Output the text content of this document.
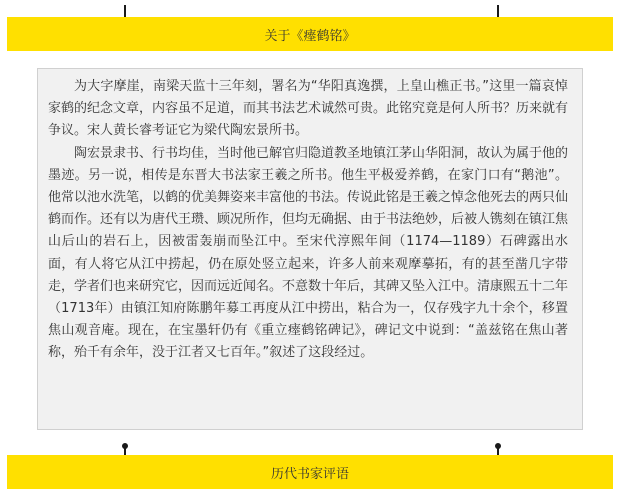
关于《瘗鹤铭》

为大字摩崖，南梁天监十三年刻，署名为“华阳真逸撰，上皇山樵正书。”这里一篇哀悼家鹤的纪念文章，内容虽不足道，而其书法艺术诚然可贵。此铭究竟是何人所书？历来就有争议。宋人黄长睿考证它为梁代陶宏景所书。

陶宏景隶书、行书均佳，当时他已解官归隐道教圣地镇江茅山华阳洞，故认为属于他的墨迹。另一说，相传是东晋大书法家王羲之所书。他生平极爱养鹤，在家门口有“鹅池”。他常以池水洗笔，以鹤的优美舞姿来丰富他的书法。传说此铭是王羲之悼念他死去的两只仙鹤而作。还有以为唐代王瓒、顾况所作，但均无确据、由于书法绝妙，后被人镌刻在镇江焦山后山的岩石上，因被雷轰崩而坠江中。至宋代淳熙年间（1174—1189）石碑露出水面，有人将它从江中捞起，仍在原处竖立起来，许多人前来观摩摹拓，有的甚至凿几字带走，学者们也来研究它，因而远近闻名。不意数十年后，其碑又坠入江中。清康熙五十二年（1713年）由镇江知府陈鹏年募工再度从江中捞出，粘合为一，仅存残字九十余个，移置焦山观音庵。现在，在宝墨轩仍有《重立瘗鹤铭碑记》，碑记文中说到：“盖兹铭在焦山著称，殆千有余年，没于江者又七百年。”叙述了这段经过。

历代书家评语
